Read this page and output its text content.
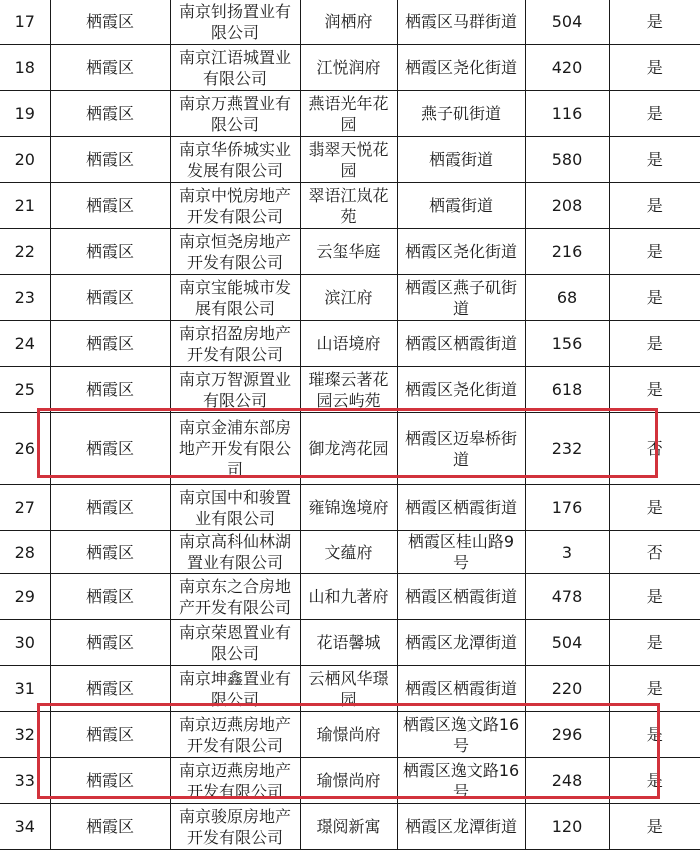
17	栖霞区	南京钊扬置业有限公司	润栖府	栖霞区马群街道	504	是
18	栖霞区	南京江语城置业有限公司	江悦润府	栖霞区尧化街道	420	是
19	栖霞区	南京万燕置业有限公司	燕语光年花园	燕子矶街道	116	是
20	栖霞区	南京华侨城实业发展有限公司	翡翠天悦花园	栖霞街道	580	是
21	栖霞区	南京中悦房地产开发有限公司	翠语江岚花苑	栖霞街道	208	是
22	栖霞区	南京恒尧房地产开发有限公司	云玺华庭	栖霞区尧化街道	216	是
23	栖霞区	南京宝能城市发展有限公司	滨江府	栖霞区燕子矶街道	68	是
24	栖霞区	南京招盈房地产开发有限公司	山语境府	栖霞区栖霞街道	156	是
25	栖霞区	南京万智源置业有限公司	璀璨云著花园云屿苑	栖霞区尧化街道	618	是
26	栖霞区	南京金浦东部房地产开发有限公司	御龙湾花园	栖霞区迈皋桥街道	232	否
27	栖霞区	南京国中和骏置业有限公司	雍锦逸境府	栖霞区栖霞街道	176	是
28	栖霞区	南京高科仙林湖置业有限公司	文蕴府	栖霞区桂山路9号	3	否
29	栖霞区	南京东之合房地产开发有限公司	山和九著府	栖霞区栖霞街道	478	是
30	栖霞区	南京荣恩置业有限公司	花语馨城	栖霞区龙潭街道	504	是
31	栖霞区	南京坤鑫置业有限公司	云栖风华璟园	栖霞区栖霞街道	220	是
32	栖霞区	南京迈燕房地产开发有限公司	瑜憬尚府	栖霞区逸文路16号	296	是
33	栖霞区	南京迈燕房地产开发有限公司	瑜憬尚府	栖霞区逸文路16号	248	是
34	栖霞区	南京骏原房地产开发有限公司	璟阅新寓	栖霞区龙潭街道	120	是
